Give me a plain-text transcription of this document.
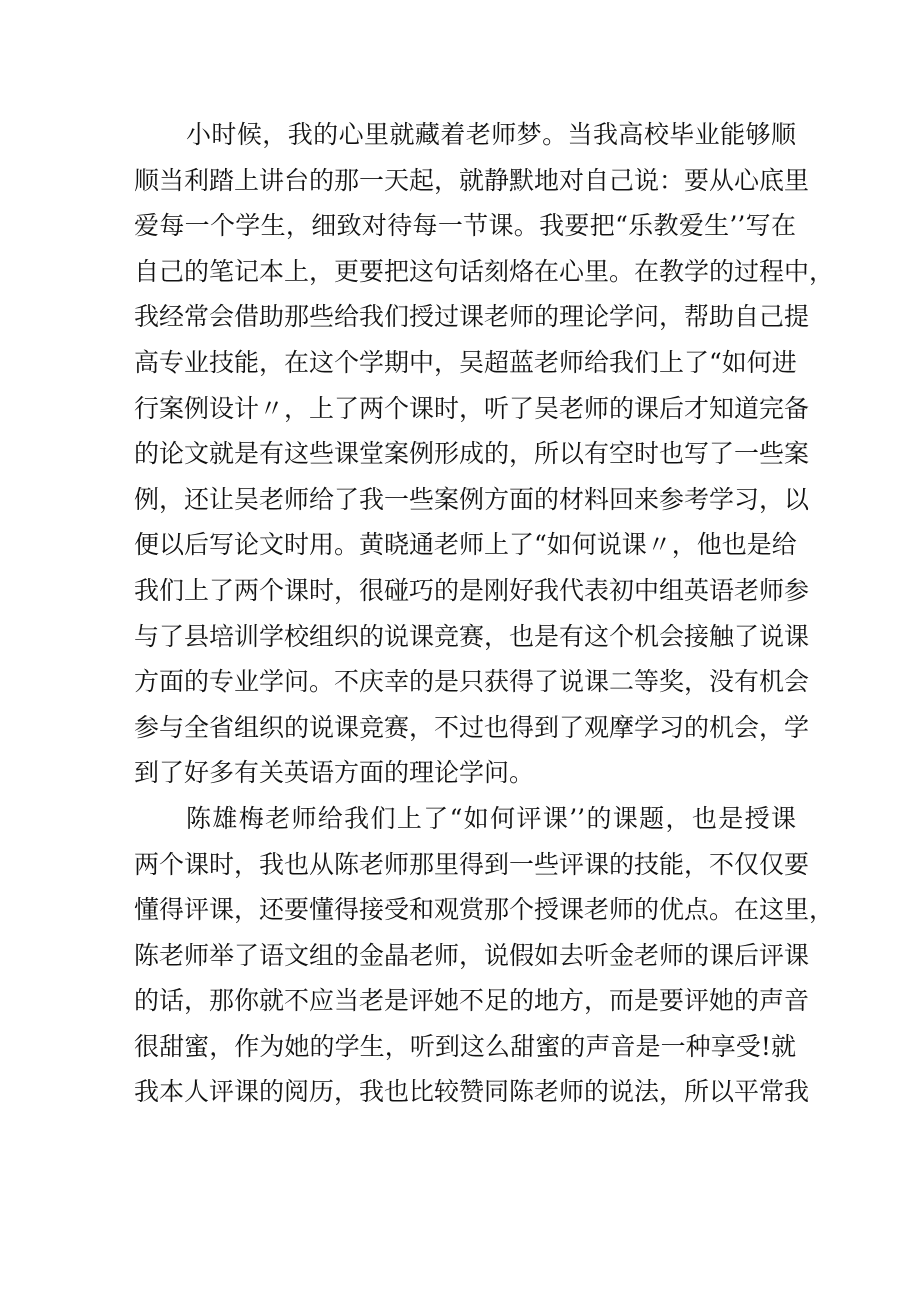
小时候，我的心里就藏着老师梦。当我高校毕业能够顺
顺当利踏上讲台的那一天起，就静默地对自己说：要从心底里
爱每一个学生，细致对待每一节课。我要把“乐教爱生’’写在
自己的笔记本上，更要把这句话刻烙在心里。在教学的过程中，
我经常会借助那些给我们授过课老师的理论学问，帮助自己提
高专业技能，在这个学期中，吴超蓝老师给我们上了“如何进
行案例设计〃，上了两个课时，听了吴老师的课后才知道完备
的论文就是有这些课堂案例形成的，所以有空时也写了一些案
例，还让吴老师给了我一些案例方面的材料回来参考学习，以
便以后写论文时用。黄晓通老师上了“如何说课〃，他也是给
我们上了两个课时，很碰巧的是刚好我代表初中组英语老师参
与了县培训学校组织的说课竞赛，也是有这个机会接触了说课
方面的专业学问。不庆幸的是只获得了说课二等奖，没有机会
参与全省组织的说课竞赛，不过也得到了观摩学习的机会，学
到了好多有关英语方面的理论学问。
陈雄梅老师给我们上了“如何评课’’的课题，也是授课
两个课时，我也从陈老师那里得到一些评课的技能，不仅仅要
懂得评课，还要懂得接受和观赏那个授课老师的优点。在这里，
陈老师举了语文组的金晶老师，说假如去听金老师的课后评课
的话，那你就不应当老是评她不足的地方，而是要评她的声音
很甜蜜，作为她的学生，听到这么甜蜜的声音是一种享受!就
我本人评课的阅历，我也比较赞同陈老师的说法，所以平常我
